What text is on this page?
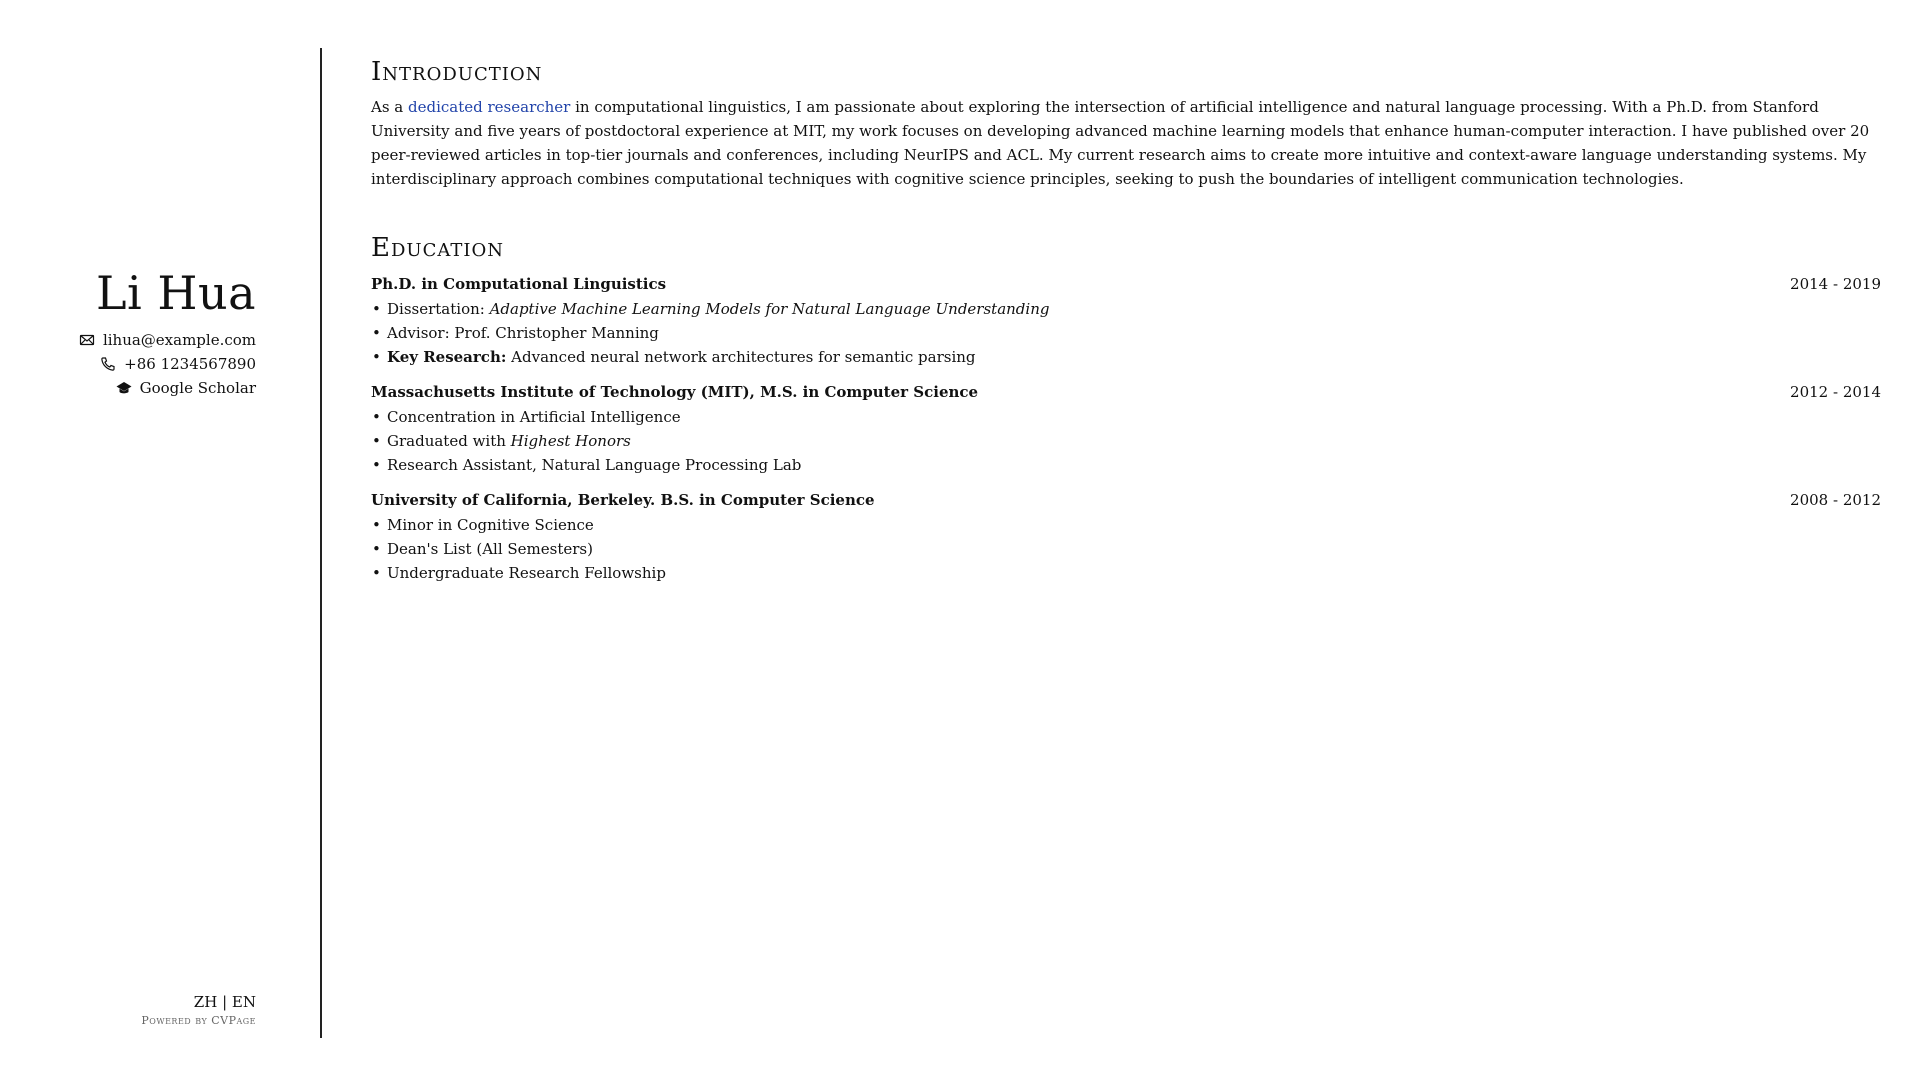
Li Hua
lihua@example.com
+86 1234567890
Google Scholar
ZH | EN
Powered by CVPage
Introduction

As a dedicated researcher in computational linguistics, I am passionate about exploring the intersection of artificial intelligence and natural language processing. With a Ph.D. from Stanford University and five years of postdoctoral experience at MIT, my work focuses on developing advanced machine learning models that enhance human-computer interaction. I have published over 20 peer-reviewed articles in top-tier journals and conferences, including NeurIPS and ACL. My current research aims to create more intuitive and context-aware language understanding systems. My interdisciplinary approach combines computational techniques with cognitive science principles, seeking to push the boundaries of intelligent communication technologies.

Education
Ph.D. in Computational Linguistics	2014 - 2019
• Dissertation: Adaptive Machine Learning Models for Natural Language Understanding
• Advisor: Prof. Christopher Manning
• Key Research: Advanced neural network architectures for semantic parsing
Massachusetts Institute of Technology (MIT), M.S. in Computer Science	2012 - 2014
• Concentration in Artificial Intelligence
• Graduated with Highest Honors
• Research Assistant, Natural Language Processing Lab
University of California, Berkeley. B.S. in Computer Science	2008 - 2012
• Minor in Cognitive Science
• Dean's List (All Semesters)
• Undergraduate Research Fellowship
